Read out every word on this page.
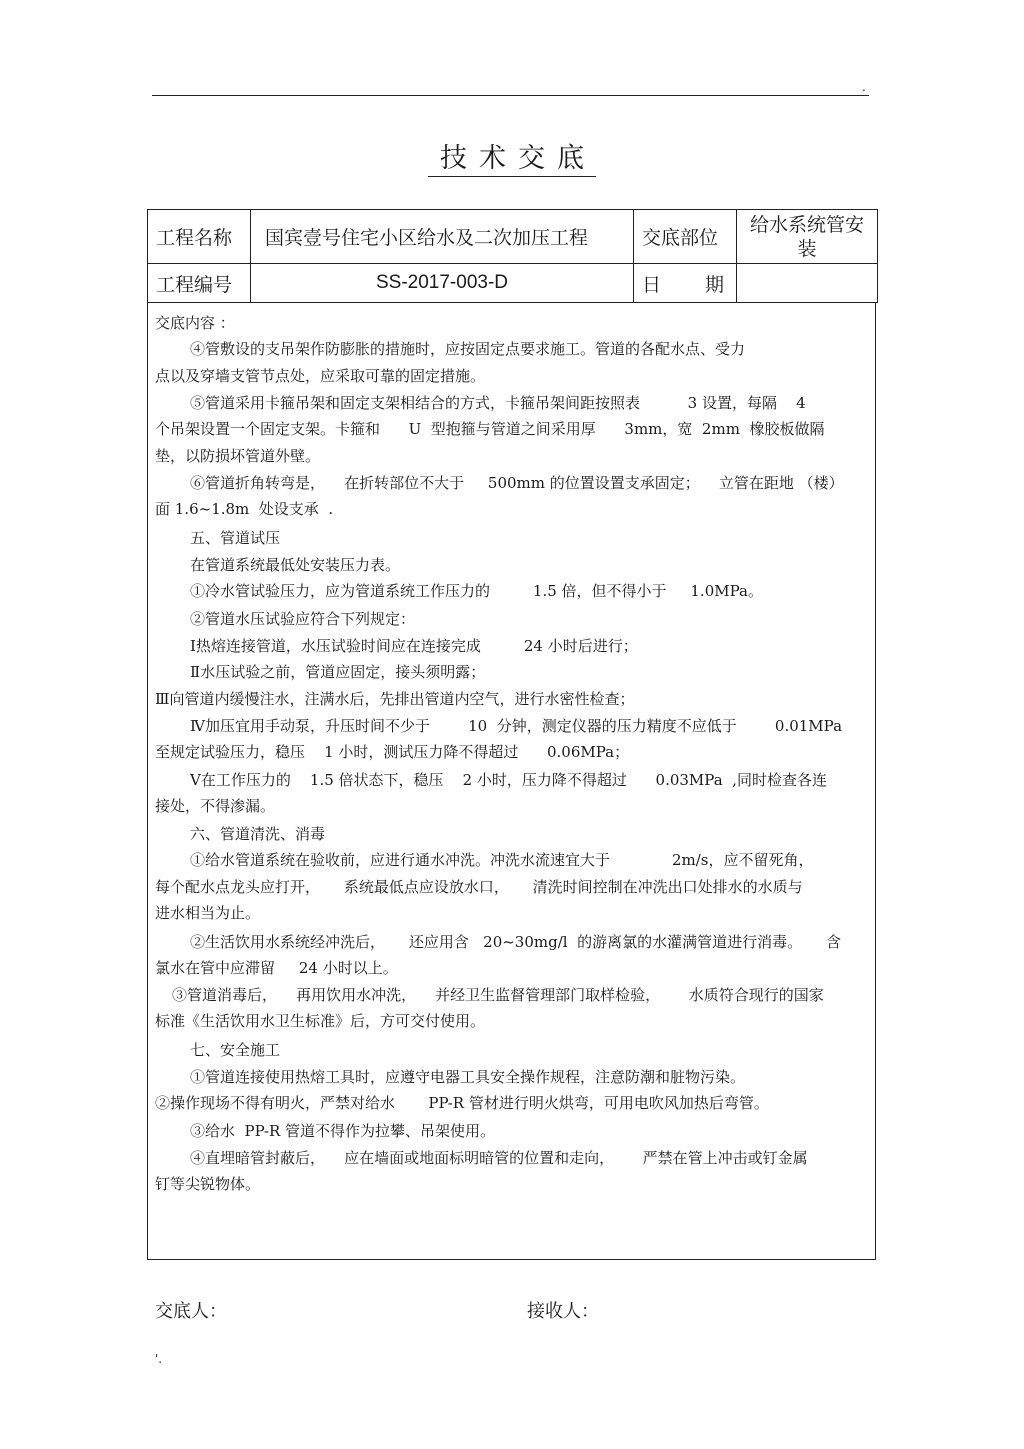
.
技术交底
工程名称	国宾壹号住宅小区给水及二次加压工程	交底部位	给水系统管安装
工程编号	SS-2017-003-D	日期	
交底内容 ：
④管敷设的支吊架作防膨胀的措施时，应按固定点要求施工。管道的各配水点、受力
点以及穿墙支管节点处，应采取可靠的固定措施。
⑤管道采用卡箍吊架和固定支架相结合的方式，卡箍吊架间距按照表          3 设置，每隔    4
个吊架设置一个固定支架。卡箍和      U  型抱箍与管道之间采用厚      3mm，宽  2mm  橡胶板做隔
垫，以防损坏管道外壁。
⑥管道折角转弯是，    在折转部位不大于     500mm 的位置设置支承固定；    立管在距地 （楼）
面 1.6~1.8m  处设支承  .
五、管道试压
在管道系统最低处安装压力表。
①冷水管试验压力，应为管道系统工作压力的         1.5 倍，但不得小于     1.0MPa。
②管道水压试验应符合下列规定：
Ⅰ热熔连接管道，水压试验时间应在连接完成         24 小时后进行；
Ⅱ水压试验之前，管道应固定，接头须明露；
Ⅲ向管道内缓慢注水，注满水后，先排出管道内空气，进行水密性检查；
Ⅳ加压宜用手动泵，升压时间不少于        10  分钟，测定仪器的压力精度不应低于        0.01MPa
至规定试验压力，稳压    1 小时，测试压力降不得超过      0.06MPa；
Ⅴ在工作压力的    1.5 倍状态下，稳压    2 小时，压力降不得超过      0.03MPa  ,同时检查各连
接处，不得渗漏。
六、管道清洗、消毒
①给水管道系统在验收前，应进行通水冲洗。冲洗水流速宜大于             2m/s，应不留死角，
每个配水点龙头应打开，     系统最低点应设放水口，     清洗时间控制在冲洗出口处排水的水质与
进水相当为止。
②生活饮用水系统经冲洗后，     还应用含   20~30mg/l  的游离氯的水灌满管道进行消毒。     含
氯水在管中应滞留     24 小时以上。
③管道消毒后，    再用饮用水冲洗，    并经卫生监督管理部门取样检验，      水质符合现行的国家
标准《生活饮用水卫生标准》后，方可交付使用。
七、安全施工
①管道连接使用热熔工具时，应遵守电器工具安全操作规程，注意防潮和脏物污染。
②操作现场不得有明火，严禁对给水       PP-R 管材进行明火烘弯，可用电吹风加热后弯管。
③给水  PP-R 管道不得作为拉攀、吊架使用。
④直埋暗管封蔽后，    应在墙面或地面标明暗管的位置和走向，      严禁在管上冲击或钉金属
钉等尖锐物体。
交底人：	接收人：
'.
